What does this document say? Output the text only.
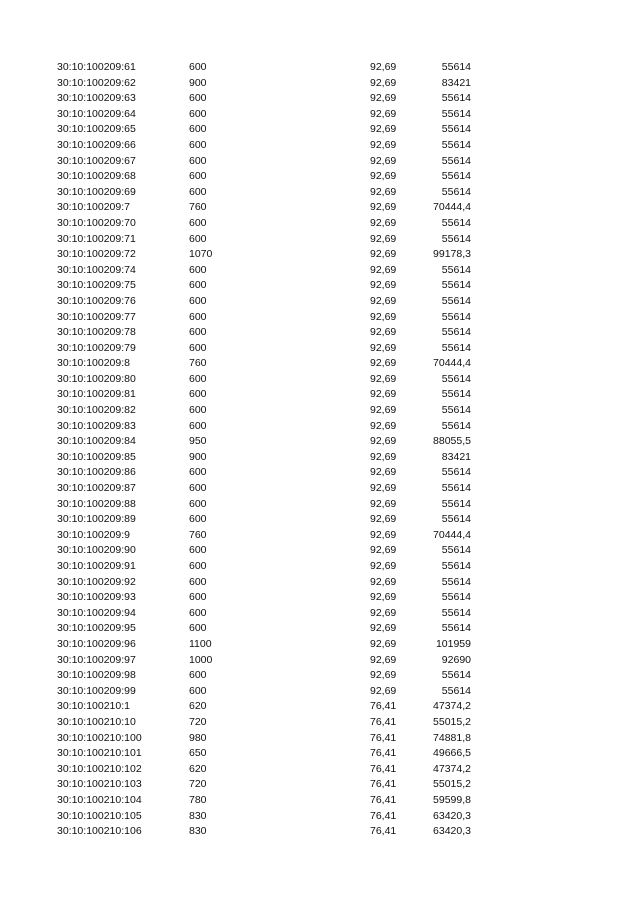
30:10:100209:61	600	92,69	55614
30:10:100209:62	900	92,69	83421
30:10:100209:63	600	92,69	55614
30:10:100209:64	600	92,69	55614
30:10:100209:65	600	92,69	55614
30:10:100209:66	600	92,69	55614
30:10:100209:67	600	92,69	55614
30:10:100209:68	600	92,69	55614
30:10:100209:69	600	92,69	55614
30:10:100209:7	760	92,69	70444,4
30:10:100209:70	600	92,69	55614
30:10:100209:71	600	92,69	55614
30:10:100209:72	1070	92,69	99178,3
30:10:100209:74	600	92,69	55614
30:10:100209:75	600	92,69	55614
30:10:100209:76	600	92,69	55614
30:10:100209:77	600	92,69	55614
30:10:100209:78	600	92,69	55614
30:10:100209:79	600	92,69	55614
30:10:100209:8	760	92,69	70444,4
30:10:100209:80	600	92,69	55614
30:10:100209:81	600	92,69	55614
30:10:100209:82	600	92,69	55614
30:10:100209:83	600	92,69	55614
30:10:100209:84	950	92,69	88055,5
30:10:100209:85	900	92,69	83421
30:10:100209:86	600	92,69	55614
30:10:100209:87	600	92,69	55614
30:10:100209:88	600	92,69	55614
30:10:100209:89	600	92,69	55614
30:10:100209:9	760	92,69	70444,4
30:10:100209:90	600	92,69	55614
30:10:100209:91	600	92,69	55614
30:10:100209:92	600	92,69	55614
30:10:100209:93	600	92,69	55614
30:10:100209:94	600	92,69	55614
30:10:100209:95	600	92,69	55614
30:10:100209:96	1100	92,69	101959
30:10:100209:97	1000	92,69	92690
30:10:100209:98	600	92,69	55614
30:10:100209:99	600	92,69	55614
30:10:100210:1	620	76,41	47374,2
30:10:100210:10	720	76,41	55015,2
30:10:100210:100	980	76,41	74881,8
30:10:100210:101	650	76,41	49666,5
30:10:100210:102	620	76,41	47374,2
30:10:100210:103	720	76,41	55015,2
30:10:100210:104	780	76,41	59599,8
30:10:100210:105	830	76,41	63420,3
30:10:100210:106	830	76,41	63420,3
